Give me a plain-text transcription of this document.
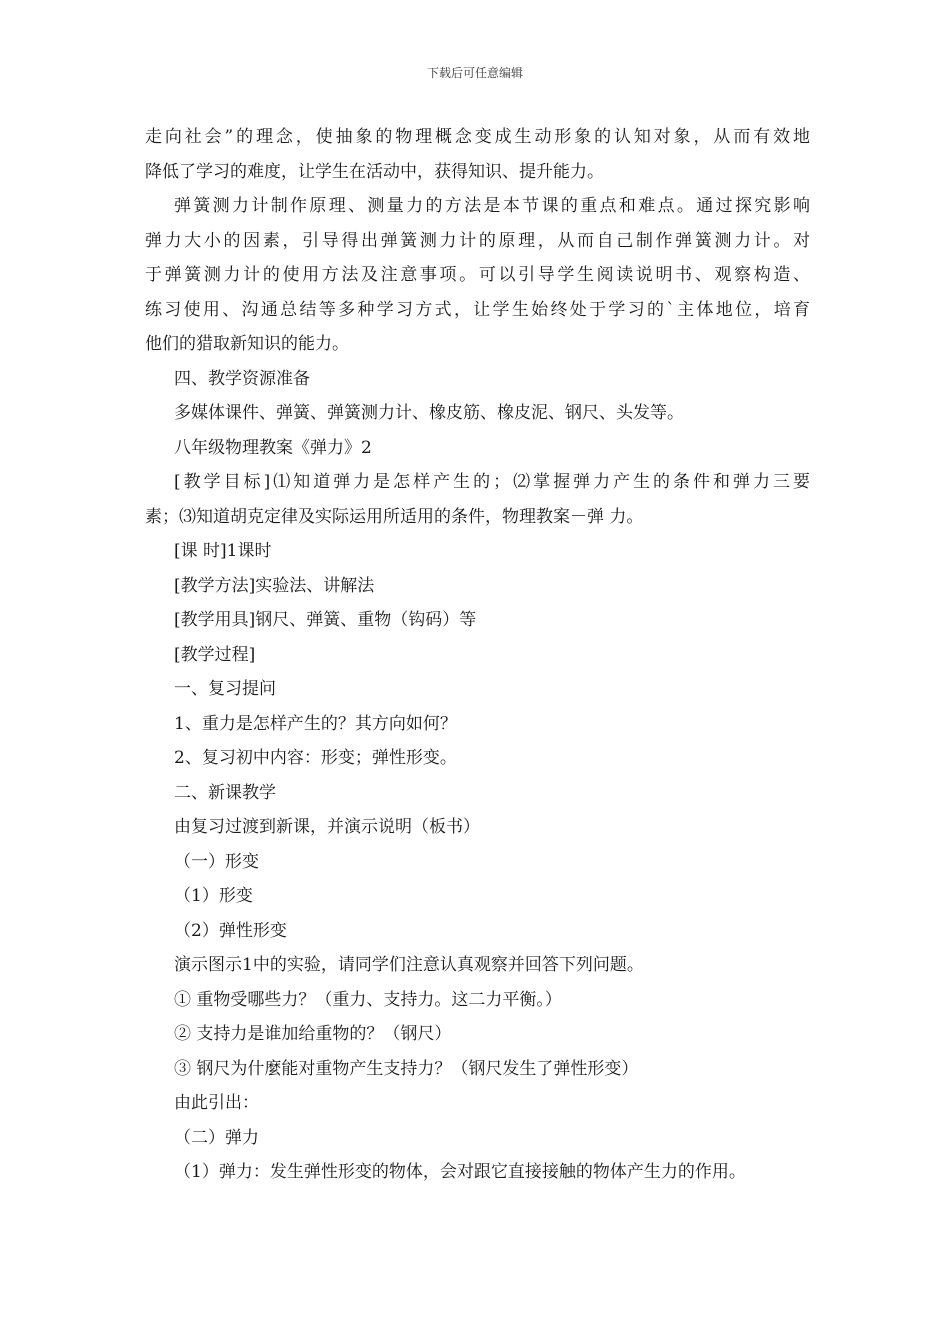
下载后可任意编辑
走向社会”的理念，使抽象的物理概念变成生动形象的认知对象，从而有效地
降低了学习的难度，让学生在活动中，获得知识、提升能力。
弹簧测力计制作原理、测量力的方法是本节课的重点和难点。通过探究影响
弹力大小的因素，引导得出弹簧测力计的原理，从而自己制作弹簧测力计。对
于弹簧测力计的使用方法及注意事项。可以引导学生阅读说明书、观察构造、
练习使用、沟通总结等多种学习方式，让学生始终处于学习的`主体地位，培育
他们的猎取新知识的能力。
四、教学资源准备
多媒体课件、弹簧、弹簧测力计、橡皮筋、橡皮泥、钢尺、头发等。
八年级物理教案《弹力》2
[教学目标]⑴知道弹力是怎样产生的；⑵掌握弹力产生的条件和弹力三要
素；⑶知道胡克定律及实际运用所适用的条件，物理教案－弹 力。
[课 时]1课时
[教学方法]实验法、讲解法
[教学用具]钢尺、弹簧、重物（钩码）等
[教学过程]
一、复习提问
1、重力是怎样产生的？其方向如何？
2、复习初中内容：形变；弹性形变。
二、新课教学
由复习过渡到新课，并演示说明（板书）
（一）形变
（1）形变
（2）弹性形变
演示图示1中的实验，请同学们注意认真观察并回答下列问题。
① 重物受哪些力？（重力、支持力。这二力平衡。）
② 支持力是谁加给重物的？（钢尺）
③ 钢尺为什麼能对重物产生支持力？（钢尺发生了弹性形变）
由此引出：
（二）弹力
（1）弹力：发生弹性形变的物体，会对跟它直接接触的物体产生力的作用。
